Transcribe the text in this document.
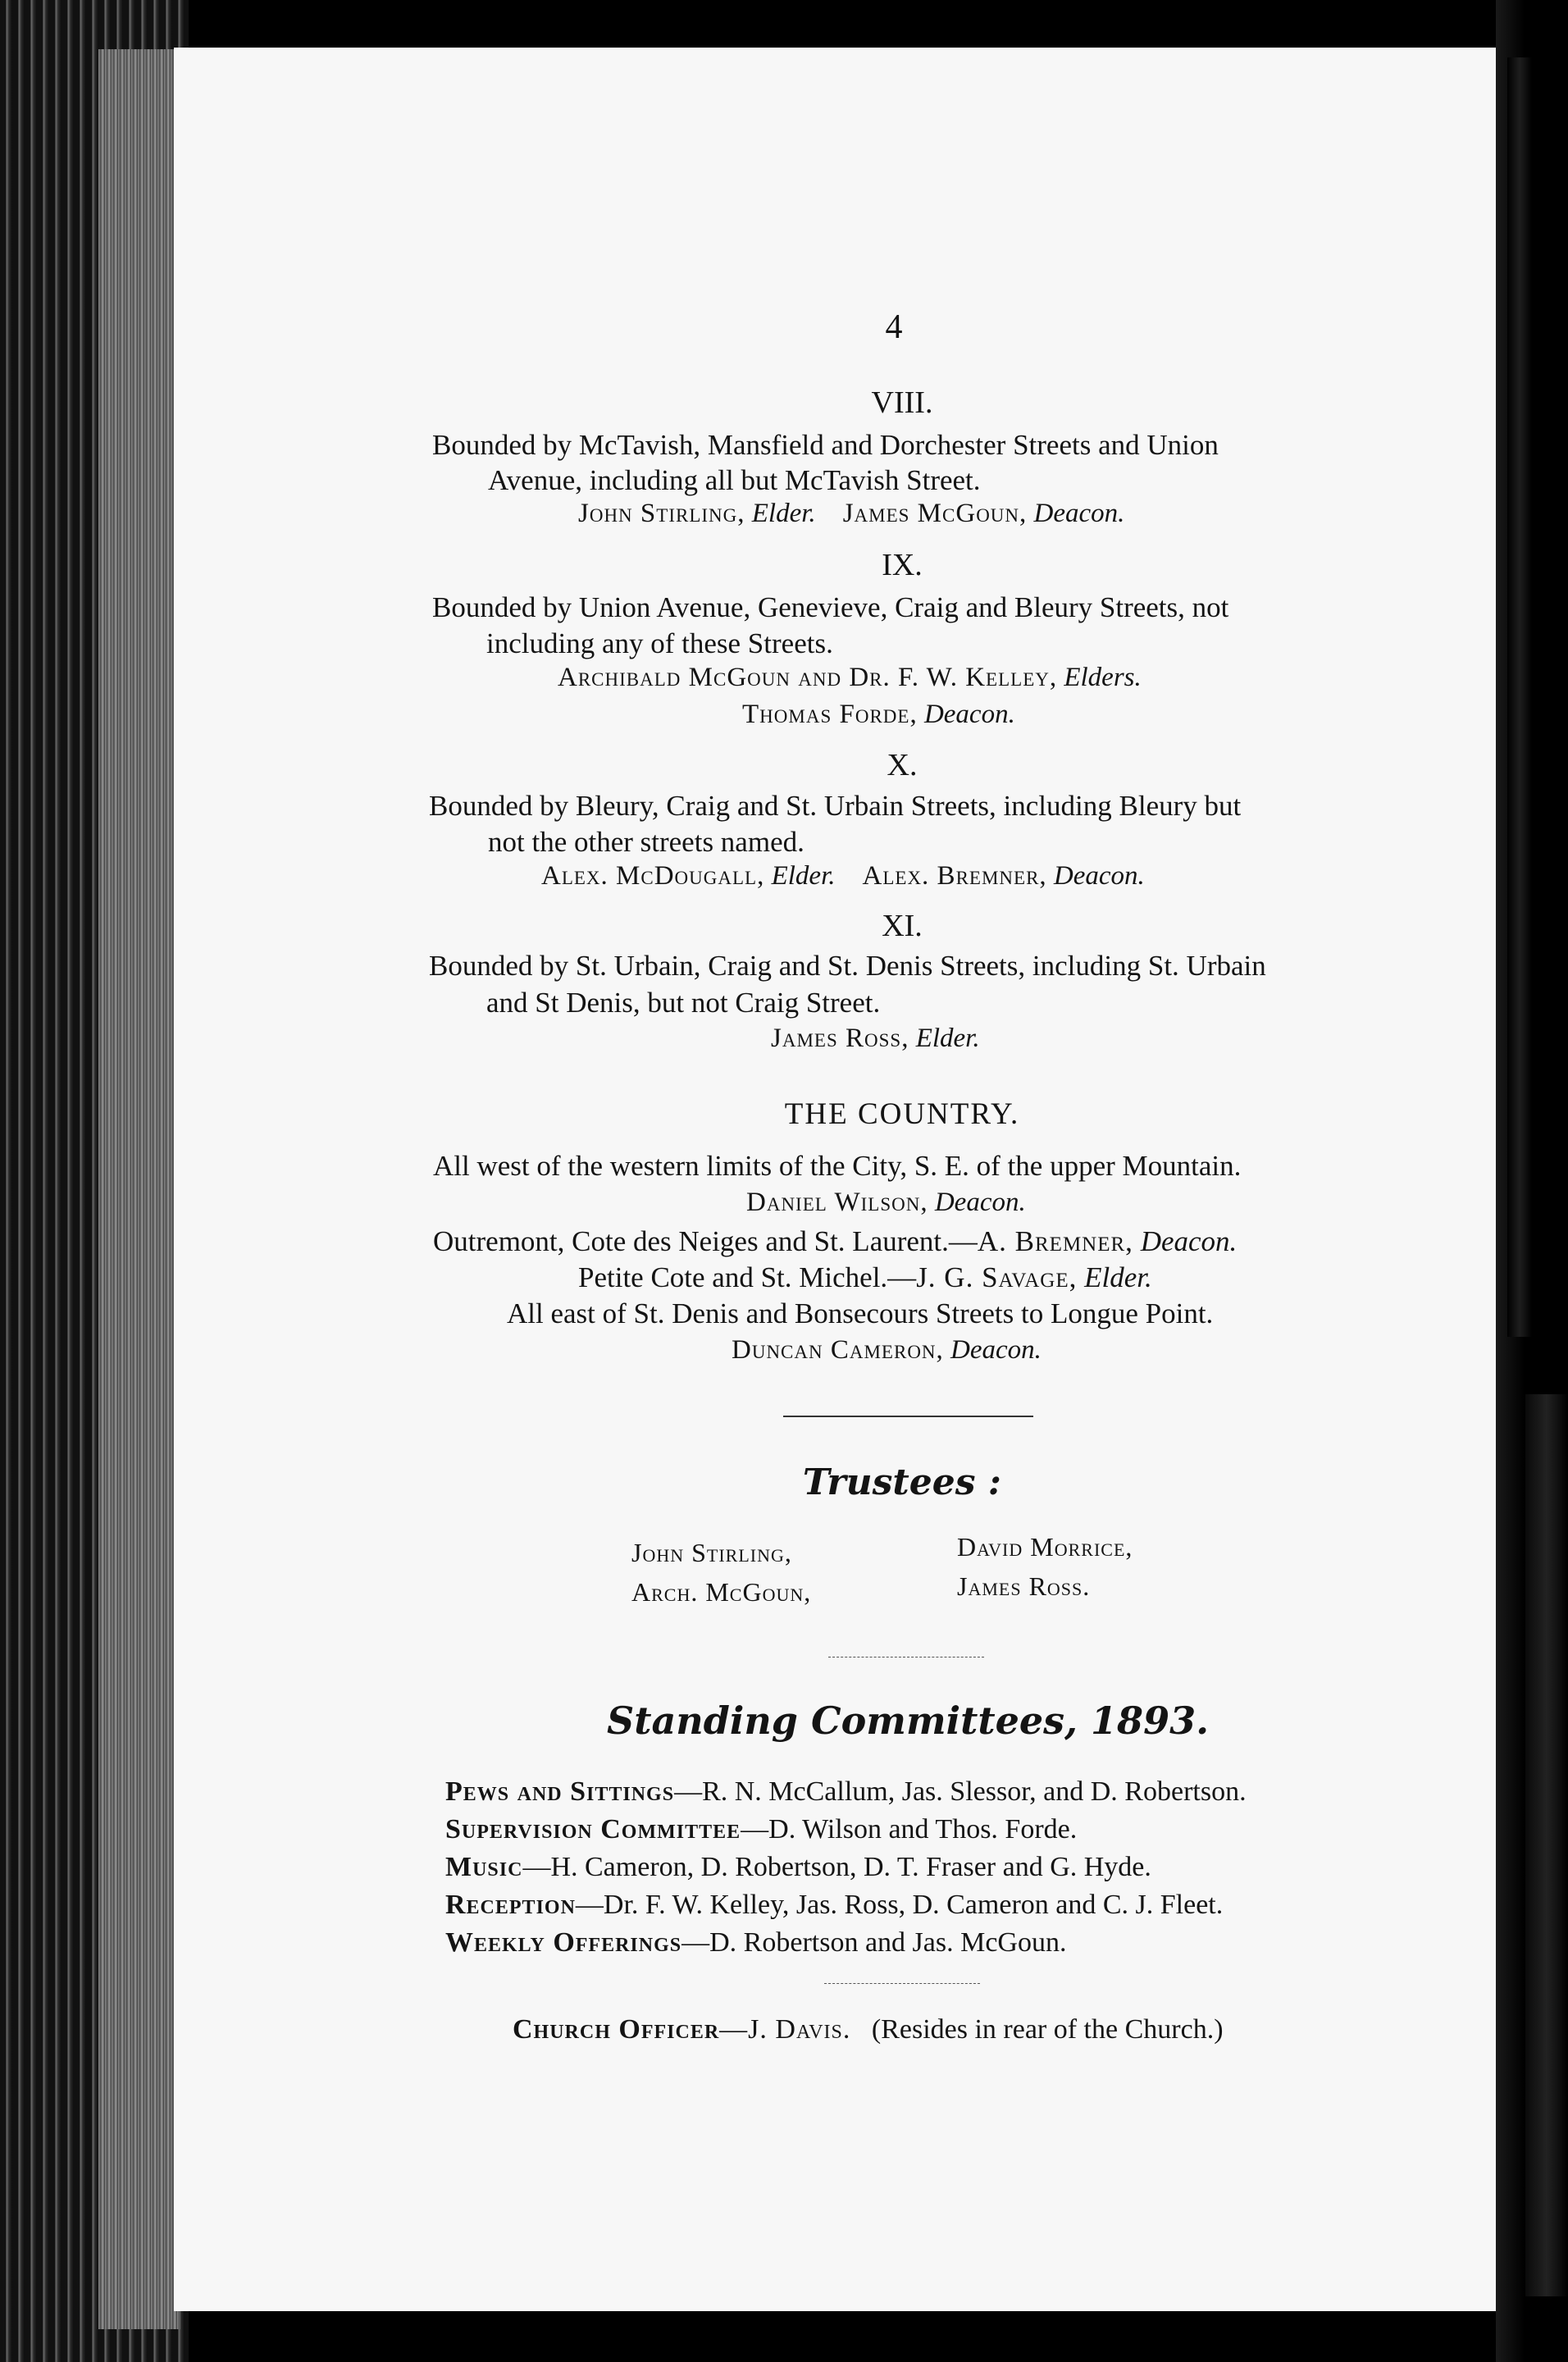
4
VIII.
Bounded by McTavish, Mansfield and Dorchester Streets and Union
Avenue, including all but McTavish Street.
John Stirling, Elder. James McGoun, Deacon.
IX.
Bounded by Union Avenue, Genevieve, Craig and Bleury Streets, not
including any of these Streets.
Archibald McGoun and Dr. F. W. Kelley, Elders.
Thomas Forde, Deacon.
X.
Bounded by Bleury, Craig and St. Urbain Streets, including Bleury but
not the other streets named.
Alex. McDougall, Elder. Alex. Bremner, Deacon.
XI.
Bounded by St. Urbain, Craig and St. Denis Streets, including St. Urbain
and St Denis, but not Craig Street.
James Ross, Elder.
THE COUNTRY.
All west of the western limits of the City, S. E. of the upper Mountain.
Daniel Wilson, Deacon.
Outremont, Cote des Neiges and St. Laurent.—A. Bremner, Deacon.
Petite Cote and St. Michel.—J. G. Savage, Elder.
All east of St. Denis and Bonsecours Streets to Longue Point.
Duncan Cameron, Deacon.
Trustees :
John Stirling,	David Morrice,
Arch. McGoun,	James Ross.
Standing Committees, 1893.
Pews and Sittings—R. N. McCallum, Jas. Slessor, and D. Robertson.
Supervision Committee—D. Wilson and Thos. Forde.
Music—H. Cameron, D. Robertson, D. T. Fraser and G. Hyde.
Reception—Dr. F. W. Kelley, Jas. Ross, D. Cameron and C. J. Fleet.
Weekly Offerings—D. Robertson and Jas. McGoun.
Church Officer—J. Davis. (Resides in rear of the Church.)
